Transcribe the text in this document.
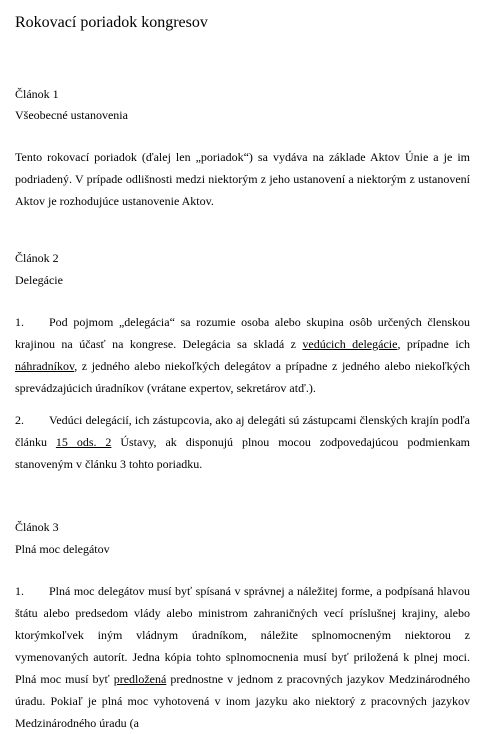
Rokovací poriadok kongresov
Článok 1
Všeobecné ustanovenia

Tento rokovací poriadok (ďalej len „poriadok“) sa vydáva na základe Aktov Únie a je im podriadený. V prípade odlišnosti medzi niektorým z jeho ustanovení a niektorým z ustanovení Aktov je rozhodujúce ustanovenie Aktov.

Článok 2
Delegácie

1. Pod pojmom „delegácia“ sa rozumie osoba alebo skupina osôb určených členskou krajinou na účasť na kongrese. Delegácia sa skladá z vedúcich delegácie, prípadne ich náhradníkov, z jedného alebo niekoľkých delegátov a prípadne z jedného alebo niekoľkých sprevádzajúcich úradníkov (vrátane expertov, sekretárov atď.).

2. Vedúci delegácií, ich zástupcovia, ako aj delegáti sú zástupcami členských krajín podľa článku 15 ods. 2 Ústavy, ak disponujú plnou mocou zodpovedajúcou podmienkam stanoveným v článku 3 tohto poriadku.

Článok 3
Plná moc delegátov

1. Plná moc delegátov musí byť spísaná v správnej a náležitej forme, a podpísaná hlavou štátu alebo predsedom vlády alebo ministrom zahraničných vecí príslušnej krajiny, alebo ktorýmkoľvek iným vládnym úradníkom, náležite splnomocneným niektorou z vymenovaných autorít. Jedna kópia tohto splnomocnenia musí byť priložená k plnej moci. Plná moc musí byť predložená prednostne v jednom z pracovných jazykov Medzinárodného úradu. Pokiaľ je plná moc vyhotovená v inom jazyku ako niektorý z pracovných jazykov Medzinárodného úradu (a
